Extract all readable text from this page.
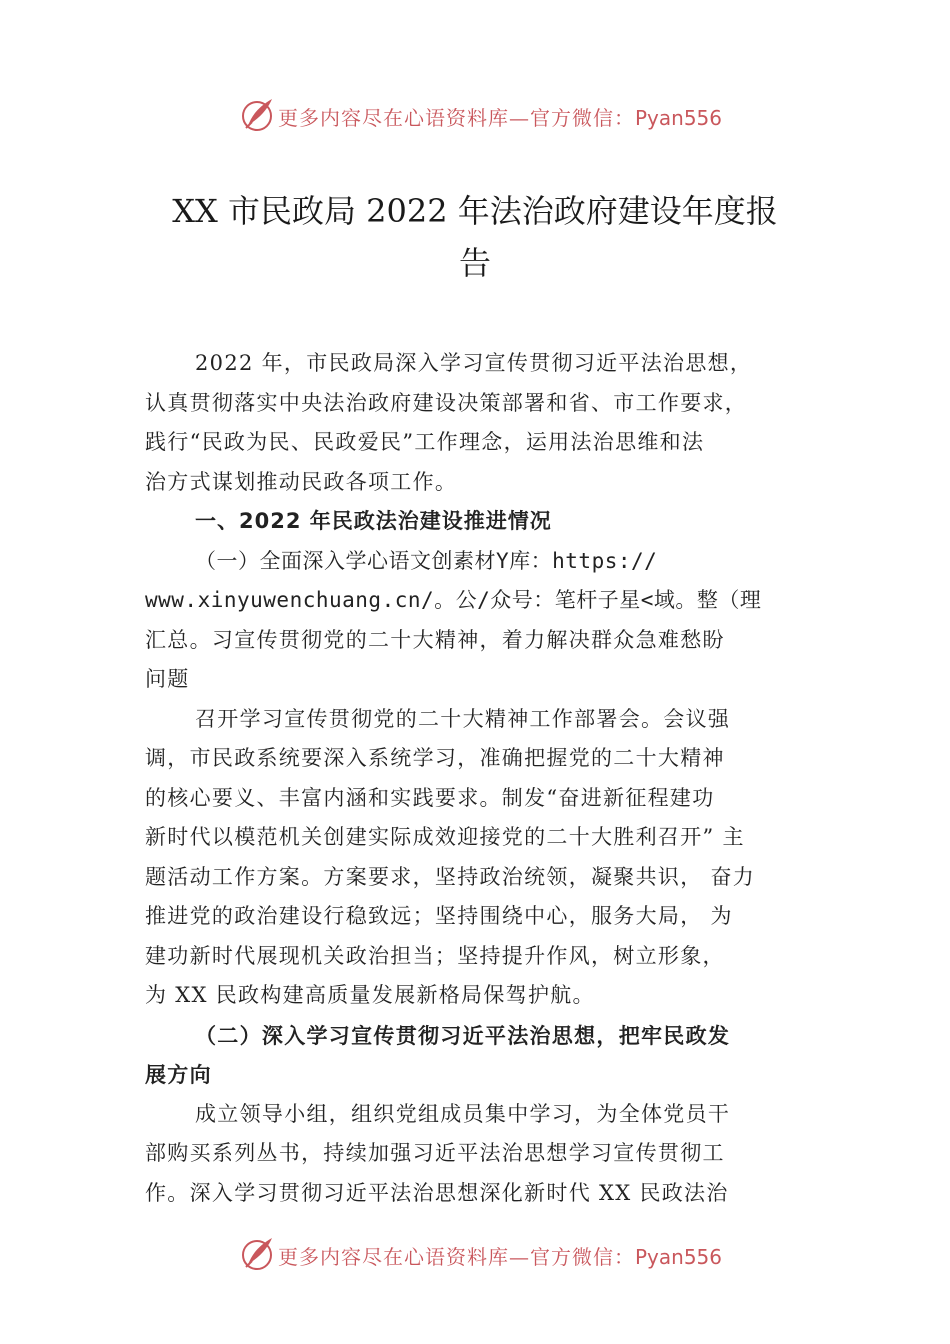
更多内容尽在心语资料库—官方微信：Pyan556
XX 市民政局 2022 年法治政府建设年度报
告

2022 年，市民政局深入学习宣传贯彻习近平法治思想，
认真贯彻落实中央法治政府建设决策部署和省、市工作要求，
践行“民政为民、民政爱民”工作理念，运用法治思维和法
治方式谋划推动民政各项工作。

一、2022 年民政法治建设推进情况

（一）全面深入学心语文创素材Y库：https://
www.xinyuwenchuang.cn/。公/众号：笔杆子星<域。整（理
汇总。习宣传贯彻党的二十大精神，着力解决群众急难愁盼
问题

召开学习宣传贯彻党的二十大精神工作部署会。会议强
调，市民政系统要深入系统学习，准确把握党的二十大精神
的核心要义、丰富内涵和实践要求。制发“奋进新征程建功
新时代以模范机关创建实际成效迎接党的二十大胜利召开” 主
题活动工作方案。方案要求，坚持政治统领，凝聚共识， 奋力
推进党的政治建设行稳致远；坚持围绕中心，服务大局， 为
建功新时代展现机关政治担当；坚持提升作风，树立形象，
为 XX 民政构建高质量发展新格局保驾护航。

（二）深入学习宣传贯彻习近平法治思想，把牢民政发
展方向

成立领导小组，组织党组成员集中学习，为全体党员干
部购买系列丛书，持续加强习近平法治思想学习宣传贯彻工
作。深入学习贯彻习近平法治思想深化新时代 XX 民政法治

更多内容尽在心语资料库—官方微信：Pyan556
